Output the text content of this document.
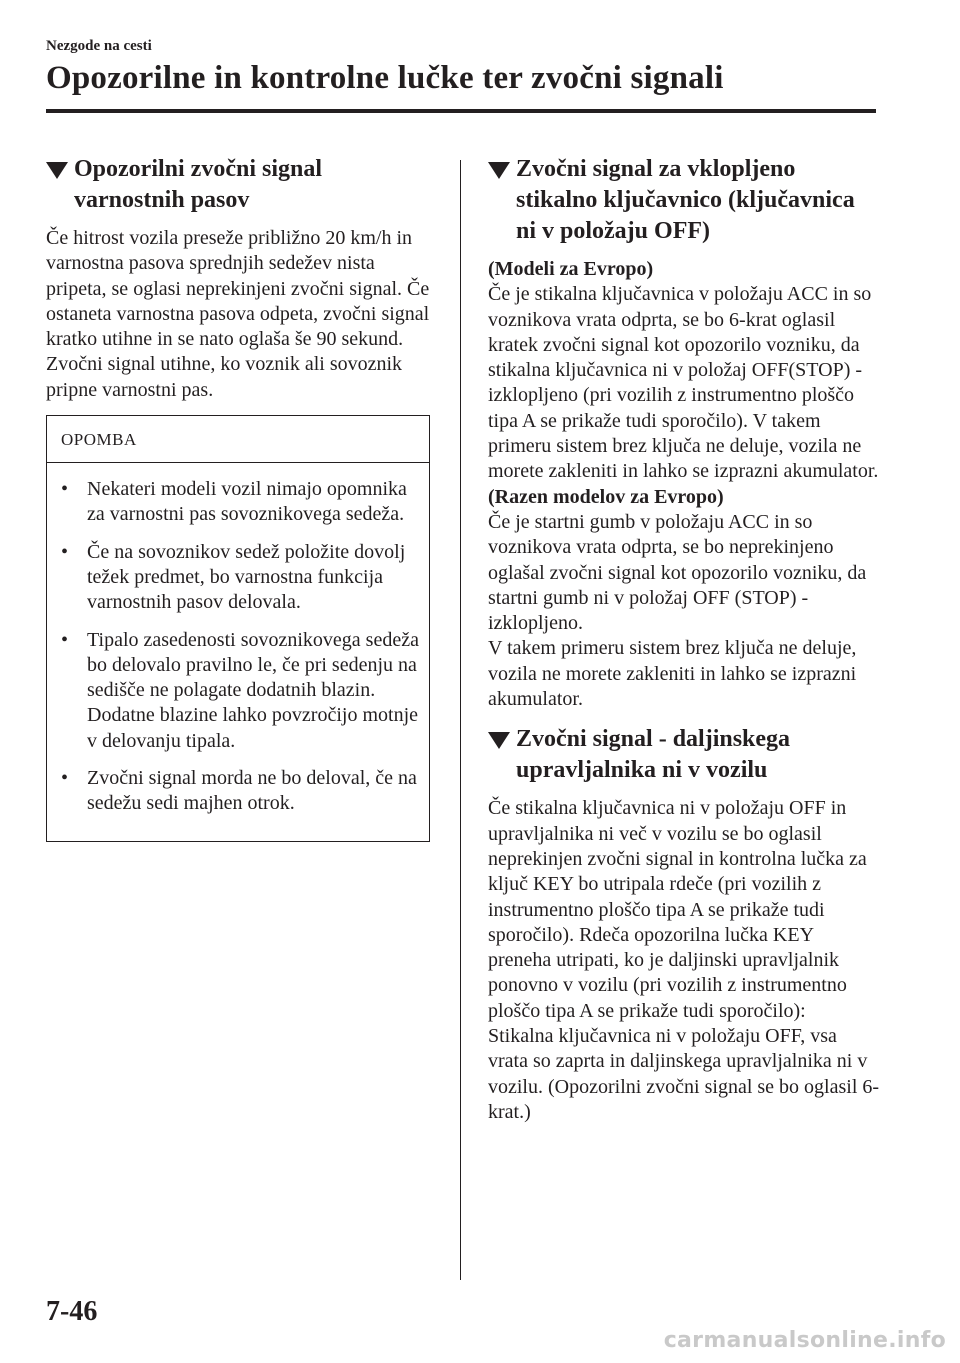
Nezgode na cesti

Opozorilne in kontrolne lučke ter zvočni signali
Opozorilni zvočni signal
varnostnih pasov

Če hitrost vozila preseže približno 20 km/h in varnostna pasova sprednjih sedežev nista pripeta, se oglasi neprekinjeni zvočni signal. Če ostaneta varnostna pasova odpeta, zvočni signal kratko utihne in se nato oglaša še 90 sekund. Zvočni signal utihne, ko voznik ali sovoznik pripne varnostni pas.

OPOMBA
• Nekateri modeli vozil nimajo opomnika za varnostni pas sovoznikovega sedeža.
• Če na sovoznikov sedež položite dovolj težek predmet, bo varnostna funkcija varnostnih pasov delovala.
• Tipalo zasedenosti sovoznikovega sedeža bo delovalo pravilno le, če pri sedenju na sedišče ne polagate dodatnih blazin. Dodatne blazine lahko povzročijo motnje v delovanju tipala.
• Zvočni signal morda ne bo deloval, če na sedežu sedi majhen otrok.
Zvočni signal za vklopljeno
stikalno ključavnico (ključavnica
ni v položaju OFF)

(Modeli za Evropo)
Če je stikalna ključavnica v položaju ACC in so voznikova vrata odprta, se bo 6-krat oglasil kratek zvočni signal kot opozorilo vozniku, da stikalna ključavnica ni v položaj OFF(STOP) - izklopljeno (pri vozilih z instrumentno ploščo tipa A se prikaže tudi sporočilo). V takem primeru sistem brez ključa ne deluje, vozila ne morete zakleniti in lahko se izprazni akumulator.
(Razen modelov za Evropo)
Če je startni gumb v položaju ACC in so voznikova vrata odprta, se bo neprekinjeno oglašal zvočni signal kot opozorilo vozniku, da startni gumb ni v položaj OFF (STOP) - izklopljeno.
V takem primeru sistem brez ključa ne deluje, vozila ne morete zakleniti in lahko se izprazni akumulator.

Zvočni signal - daljinskega
upravljalnika ni v vozilu

Če stikalna ključavnica ni v položaju OFF in upravljalnika ni več v vozilu se bo oglasil neprekinjen zvočni signal in kontrolna lučka za ključ KEY bo utripala rdeče (pri vozilih z instrumentno ploščo tipa A se prikaže tudi sporočilo). Rdeča opozorilna lučka KEY preneha utripati, ko je daljinski upravljalnik ponovno v vozilu (pri vozilih z instrumentno ploščo tipa A se prikaže tudi sporočilo):
Stikalna ključavnica ni v položaju OFF, vsa vrata so zaprta in daljinskega upravljalnika ni v vozilu. (Opozorilni zvočni signal se bo oglasil 6-krat.)

7-46

carmanualsonline.info
